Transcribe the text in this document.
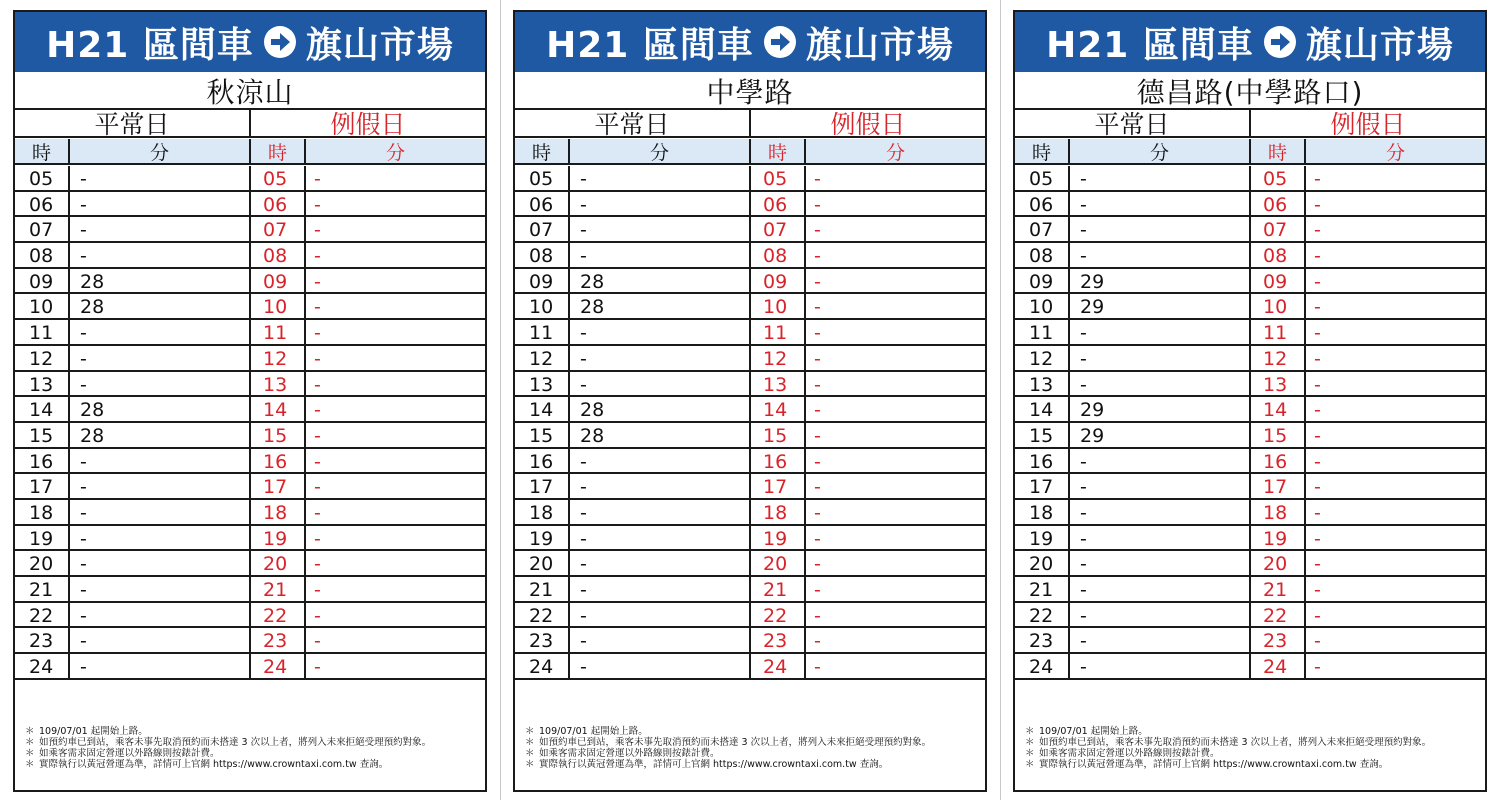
H21 區間車 旗山市場
秋涼山
平常日	例假日
時	分	時	分
05	-	05	-
06	-	06	-
07	-	07	-
08	-	08	-
09	28	09	-
10	28	10	-
11	-	11	-
12	-	12	-
13	-	13	-
14	28	14	-
15	28	15	-
16	-	16	-
17	-	17	-
18	-	18	-
19	-	19	-
20	-	20	-
21	-	21	-
22	-	22	-
23	-	23	-
24	-	24	-
＊ 109/07/01 起開始上路。
＊ 如預約車已到站，乘客未事先取消預約而未搭達 3 次以上者，將列入未來拒絕受理預約對象。
＊ 如乘客需求固定營運以外路線則按錶計費。
＊ 實際執行以黃冠營運為準，詳情可上官網 https://www.crowntaxi.com.tw 查詢。
H21 區間車 旗山市場
中學路
平常日	例假日
時	分	時	分
05	-	05	-
06	-	06	-
07	-	07	-
08	-	08	-
09	28	09	-
10	28	10	-
11	-	11	-
12	-	12	-
13	-	13	-
14	28	14	-
15	28	15	-
16	-	16	-
17	-	17	-
18	-	18	-
19	-	19	-
20	-	20	-
21	-	21	-
22	-	22	-
23	-	23	-
24	-	24	-
＊ 109/07/01 起開始上路。
＊ 如預約車已到站，乘客未事先取消預約而未搭達 3 次以上者，將列入未來拒絕受理預約對象。
＊ 如乘客需求固定營運以外路線則按錶計費。
＊ 實際執行以黃冠營運為準，詳情可上官網 https://www.crowntaxi.com.tw 查詢。
H21 區間車 旗山市場
德昌路(中學路口)
平常日	例假日
時	分	時	分
05	-	05	-
06	-	06	-
07	-	07	-
08	-	08	-
09	29	09	-
10	29	10	-
11	-	11	-
12	-	12	-
13	-	13	-
14	29	14	-
15	29	15	-
16	-	16	-
17	-	17	-
18	-	18	-
19	-	19	-
20	-	20	-
21	-	21	-
22	-	22	-
23	-	23	-
24	-	24	-
＊ 109/07/01 起開始上路。
＊ 如預約車已到站，乘客未事先取消預約而未搭達 3 次以上者，將列入未來拒絕受理預約對象。
＊ 如乘客需求固定營運以外路線則按錶計費。
＊ 實際執行以黃冠營運為準，詳情可上官網 https://www.crowntaxi.com.tw 查詢。
